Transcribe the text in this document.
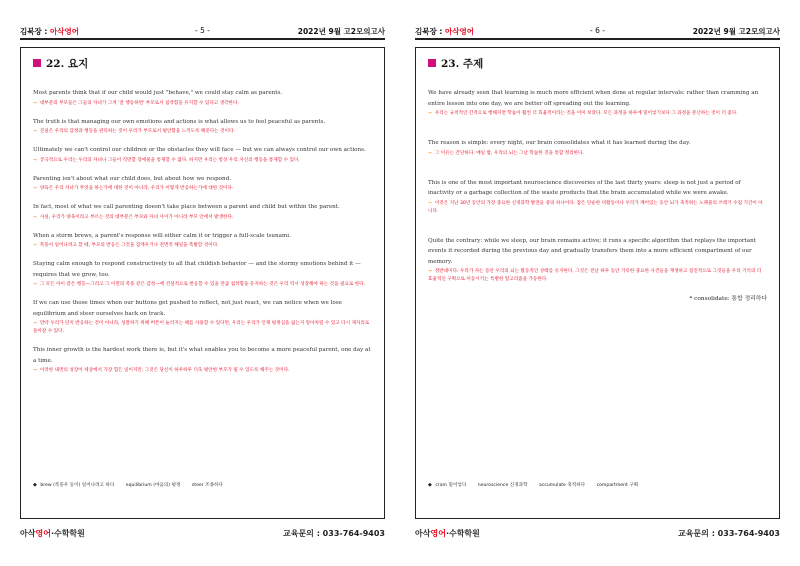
김북장 : 아삭영어	- 5 -	2022년 9월 고2모의고사
22. 요지

Most parents think that if our child would just "behave," we could stay calm as parents.

→ 대부분의 부모들은 그들의 자녀가 그저 '잘 행동하면' 부모로서 침착함을 유지할 수 있다고 생각한다.

The truth is that managing our own emotions and actions is what allows us to feel peaceful as parents.

→ 진실은 우리의 감정과 행동을 관리하는 것이 우리가 부모로서 평안함을 느끼도록 해준다는 것이다.

Ultimately we can't control our children or the obstacles they will face — but we can always control our own actions.

→ 궁극적으로 우리는 우리의 자녀나 그들이 직면할 장애물을 통제할 수 없다. 하지만 우리는 항상 우리 자신의 행동을 통제할 수 있다.

Parenting isn't about what our child does, but about how we respond.

→ 양육은 우리 자녀가 무엇을 하는가에 대한 것이 아니라, 우리가 어떻게 반응하는가에 대한 것이다.

In fact, most of what we call parenting doesn't take place between a parent and child but within the parent.

→ 사실, 우리가 양육이라고 부르는 것의 대부분은 부모와 자녀 사이가 아니라 부모 안에서 발생한다.

When a storm brews, a parent's response will either calm it or trigger a full-scale tsunami.

→ 폭풍이 일어나려고 할 때, 부모의 반응은 그것을 잠재우거나 전면적 해일을 촉발할 것이다.

Staying calm enough to respond constructively to all that childish behavior — and the stormy emotions behind it — requires that we grow, too.

→ 그 모든 아이 같은 행동—그리고 그 이면의 폭풍 같은 감정—에 건설적으로 반응할 수 있을 만큼 침착함을 유지하는 것은 우리 역시 성장해야 하는 것을 필요로 한다.

If we can use those times when our buttons get pushed to reflect, not just react, we can notice when we lose equilibrium and steer ourselves back on track.

→ 만약 우리가 단지 반응하는 것이 아니라, 성찰하기 위해 버튼이 눌러지는 때를 사용할 수 있다면, 우리는 우리가 언제 평정심을 잃는지 알아차릴 수 있고 다시 제자리로 돌아갈 수 있다.

This inner growth is the hardest work there is, but it's what enables you to become a more peaceful parent, one day at a time.

→ 이러한 내면의 성장이 세상에서 가장 힘든 일이지만, 그것은 당신이 하루하루 더욱 평안한 부모가 될 수 있도록 해주는 것이다.

◆ brew (폭풍우 등이) 일어나려고 하다 equilibrium (마음의) 평정 steer 조종하다
아삭영어·수학학원	교육문의 : 033-764-9403
김북장 : 아삭영어	- 6 -	2022년 9월 고2모의고사
23. 주제

We have already seen that learning is much more efficient when done at regular intervals: rather than cramming an entire lesson into one day, we are better off spreading out the learning.

→ 우리는 규칙적인 간격으로 행해지면 학습이 훨씬 더 효율적이라는 것을 이미 보았다. 모든 과정을 하루에 밀어넣기보다 그 과정을 분산하는 것이 더 좋다.

The reason is simple: every night, our brain consolidates what it has learned during the day.

→ 그 이유는 간단하다. 매일 밤, 우리의 뇌는 그날 학습한 것을 통합 정리한다.

This is one of the most important neuroscience discoveries of the last thirty years: sleep is not just a period of inactivity or a garbage collection of the waste products that the brain accumulated while we were awake.

→ 이것은 지난 30년 동안의 가장 중요한 신경과학 발견들 중의 하나이다. 잠은 단순한 비활동이나 우리가 깨어있는 동안 뇌가 축적하는 노폐물의 쓰레기 수집 기간이 아니다.

Quite the contrary: while we sleep, our brain remains active; it runs a specific algorithm that replays the important events it recorded during the previous day and gradually transfers them into a more efficient compartment of our memory.

→ 정반대이다. 우리가 자는 동안 우리의 뇌는 활동적인 상태를 유지한다. 그것은 전날 하루 동안 기록한 중요한 사건들을 재생하고 점진적으로 그것들을 우리 기억의 더 효율적인 구획으로 이동시키는 특별한 알고리즘을 가동한다.

* consolidate: 통합 정리하다
◆ cram 밀어넣다 neuroscience 신경과학 accumulate 축적하다 compartment 구획
아삭영어·수학학원	교육문의 : 033-764-9403
